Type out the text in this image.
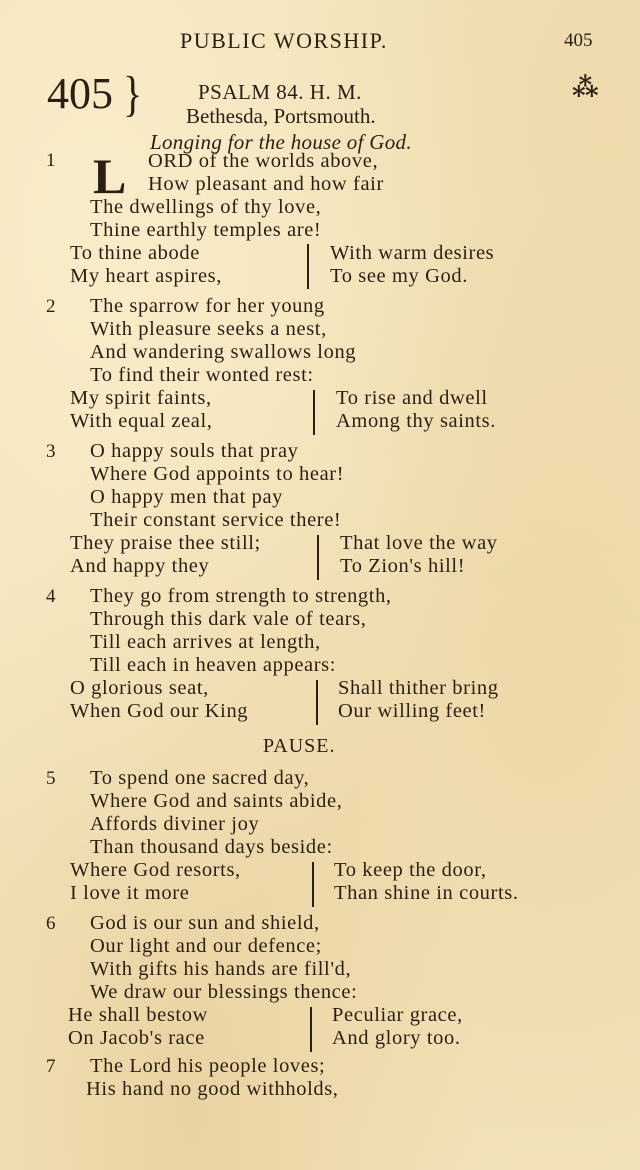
PUBLIC WORSHIP.	405
405 }	PSALM 84. H. M.
Bethesda, Portsmouth.
⁂
Longing for the house of God.
1 L ORD of the worlds above,
How pleasant and how fair
The dwellings of thy love,
Thine earthly temples are!
To thine abode
My heart aspires,
With warm desires
To see my God.
2 The sparrow for her young
With pleasure seeks a nest,
And wandering swallows long
To find their wonted rest:
My spirit faints,
With equal zeal,
To rise and dwell
Among thy saints.
3 O happy souls that pray
Where God appoints to hear!
O happy men that pay
Their constant service there!
They praise thee still;
And happy they
That love the way
To Zion's hill!
4 They go from strength to strength,
Through this dark vale of tears,
Till each arrives at length,
Till each in heaven appears:
O glorious seat,
When God our King
Shall thither bring
Our willing feet!
PAUSE.
5 To spend one sacred day,
Where God and saints abide,
Affords diviner joy
Than thousand days beside:
Where God resorts,
I love it more
To keep the door,
Than shine in courts.
6 God is our sun and shield,
Our light and our defence;
With gifts his hands are fill'd,
We draw our blessings thence:
He shall bestow
On Jacob's race
Peculiar grace,
And glory too.
7 The Lord his people loves;
His hand no good withholds,
